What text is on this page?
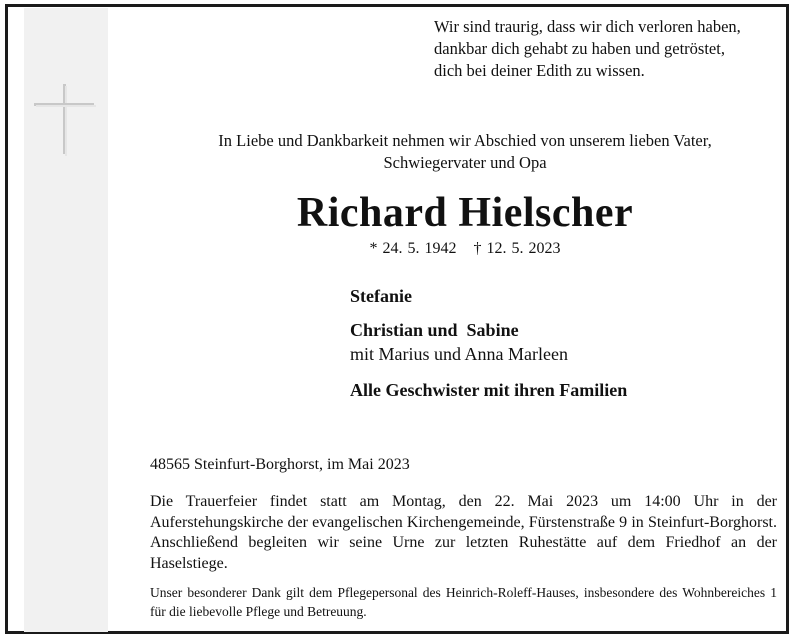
Wir sind traurig, dass wir dich verloren haben,
dankbar dich gehabt zu haben und getröstet,
dich bei deiner Edith zu wissen.
In Liebe und Dankbarkeit nehmen wir Abschied von unserem lieben Vater,
Schwiegervater und Opa
Richard Hielscher
* 24. 5. 1942 † 12. 5. 2023
Stefanie
Christian und  Sabine
mit Marius und Anna Marleen
Alle Geschwister mit ihren Familien
48565 Steinfurt-Borghorst, im Mai 2023
Die Trauerfeier findet statt am Montag, den 22. Mai 2023 um 14:00 Uhr in der Auferstehungskirche der evangelischen Kirchengemeinde, Fürstenstraße 9 in Steinfurt-Borghorst. Anschließend begleiten wir seine Urne zur letzten Ruhestätte auf dem Friedhof an der Haselstiege.
Unser besonderer Dank gilt dem Pflegepersonal des Heinrich-Roleff-Hauses, insbesondere des Wohnbereiches 1 für die liebevolle Pflege und Betreuung.
